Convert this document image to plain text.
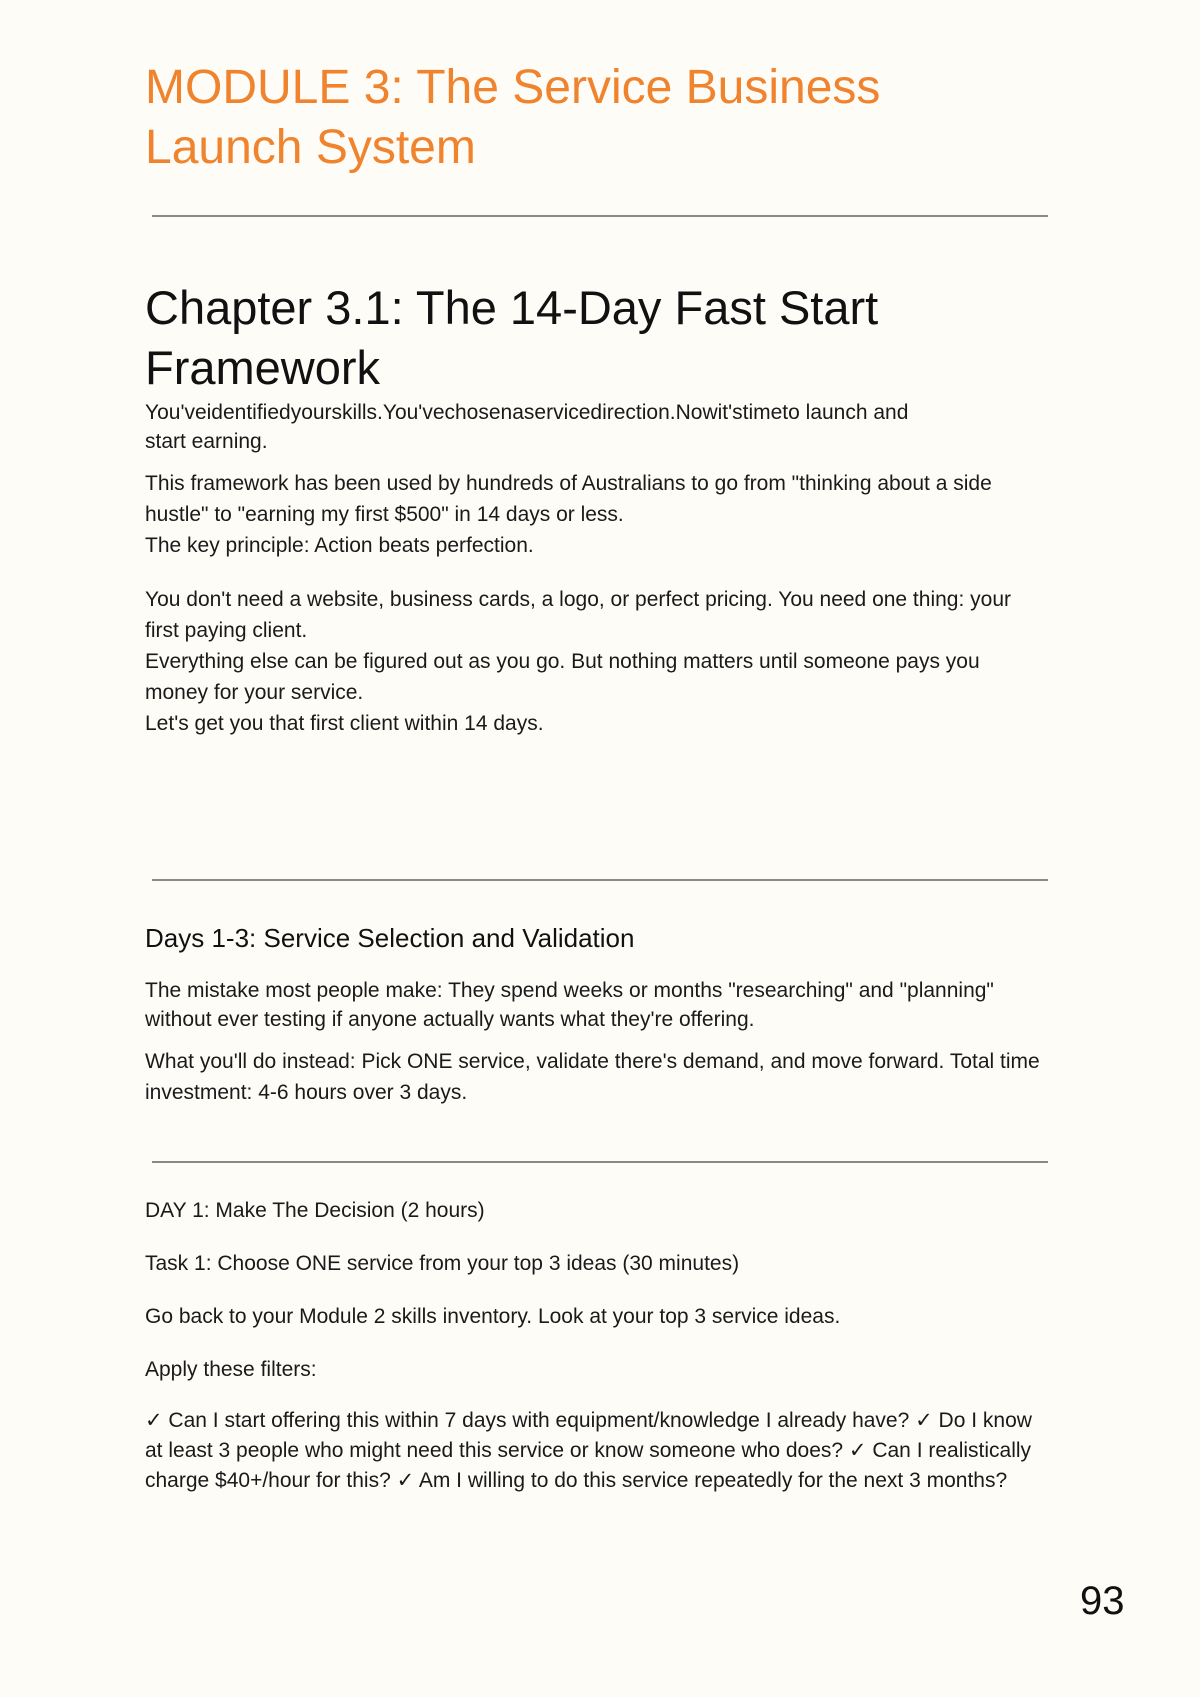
MODULE 3: The Service Business Launch System
Chapter 3.1: The 14-Day Fast Start Framework

You'veidentifiedyourskills.You'vechosenaservicedirection.Nowit'stimeto launch and
start earning.

This framework has been used by hundreds of Australians to go from "thinking about a side hustle" to "earning my first $500" in 14 days or less.
The key principle: Action beats perfection.

You don't need a website, business cards, a logo, or perfect pricing. You need one thing: your first paying client.
Everything else can be figured out as you go. But nothing matters until someone pays you money for your service.
Let's get you that first client within 14 days.

Days 1-3: Service Selection and Validation

The mistake most people make: They spend weeks or months "researching" and "planning" without ever testing if anyone actually wants what they're offering.

What you'll do instead: Pick ONE service, validate there's demand, and move forward. Total time investment: 4-6 hours over 3 days.

DAY 1: Make The Decision (2 hours)

Task 1: Choose ONE service from your top 3 ideas (30 minutes)

Go back to your Module 2 skills inventory. Look at your top 3 service ideas.

Apply these filters:

✓ Can I start offering this within 7 days with equipment/knowledge I already have? ✓ Do I know at least 3 people who might need this service or know someone who does? ✓ Can I realistically charge $40+/hour for this? ✓ Am I willing to do this service repeatedly for the next 3 months?

93
